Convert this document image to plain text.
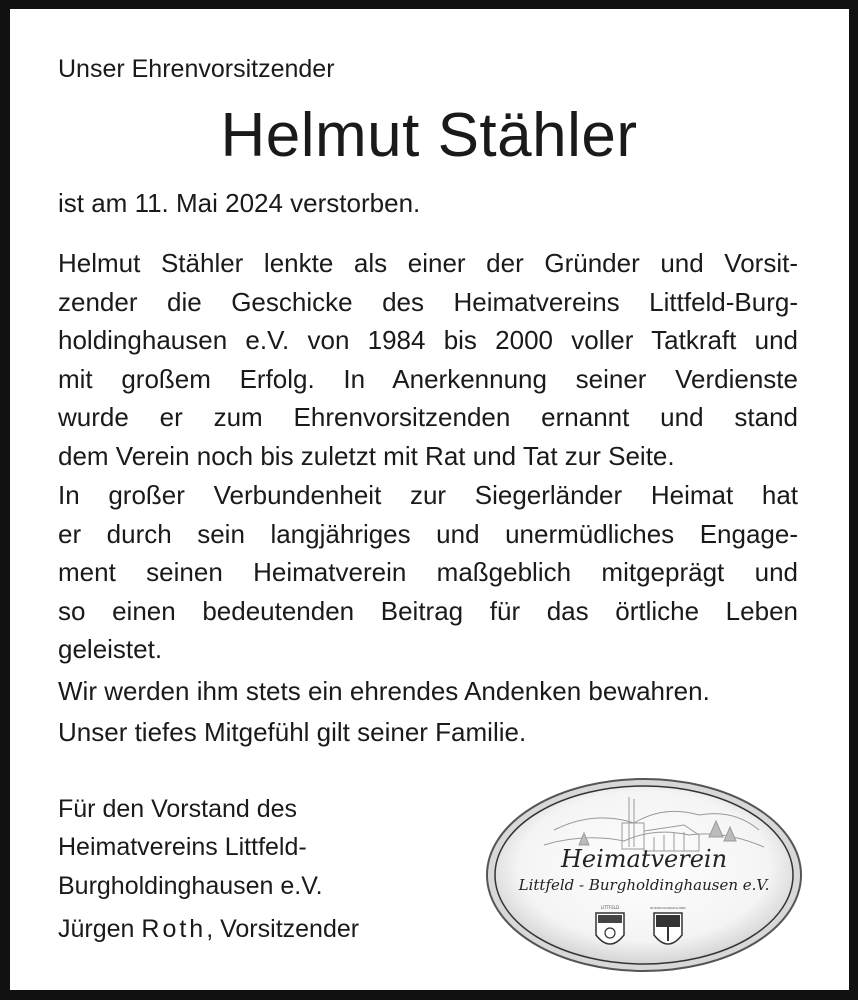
Unser Ehrenvorsitzender

Helmut Stähler

ist am 11. Mai 2024 verstorben.

Helmut Stähler lenkte als einer der Gründer und Vorsit-
zender die Geschicke des Heimatvereins Littfeld-Burg-
holdinghausen e.V. von 1984 bis 2000 voller Tatkraft und
mit großem Erfolg. In Anerkennung seiner Verdienste
wurde er zum Ehrenvorsitzenden ernannt und stand
dem Verein noch bis zuletzt mit Rat und Tat zur Seite.
In großer Verbundenheit zur Siegerländer Heimat hat
er durch sein langjähriges und unermüdliches Engage-
ment seinen Heimatverein maßgeblich mitgeprägt und
so einen bedeutenden Beitrag für das örtliche Leben
geleistet.

Wir werden ihm stets ein ehrendes Andenken bewahren.

Unser tiefes Mitgefühl gilt seiner Familie.

Für den Vorstand des

Heimatvereins Littfeld-

Burgholdinghausen e.V.

Jürgen Roth, Vorsitzender

Heimatverein
Littfeld - Burgholdinghausen e.V.
LITTFELD	BURGHOLDINGHAUSEN
